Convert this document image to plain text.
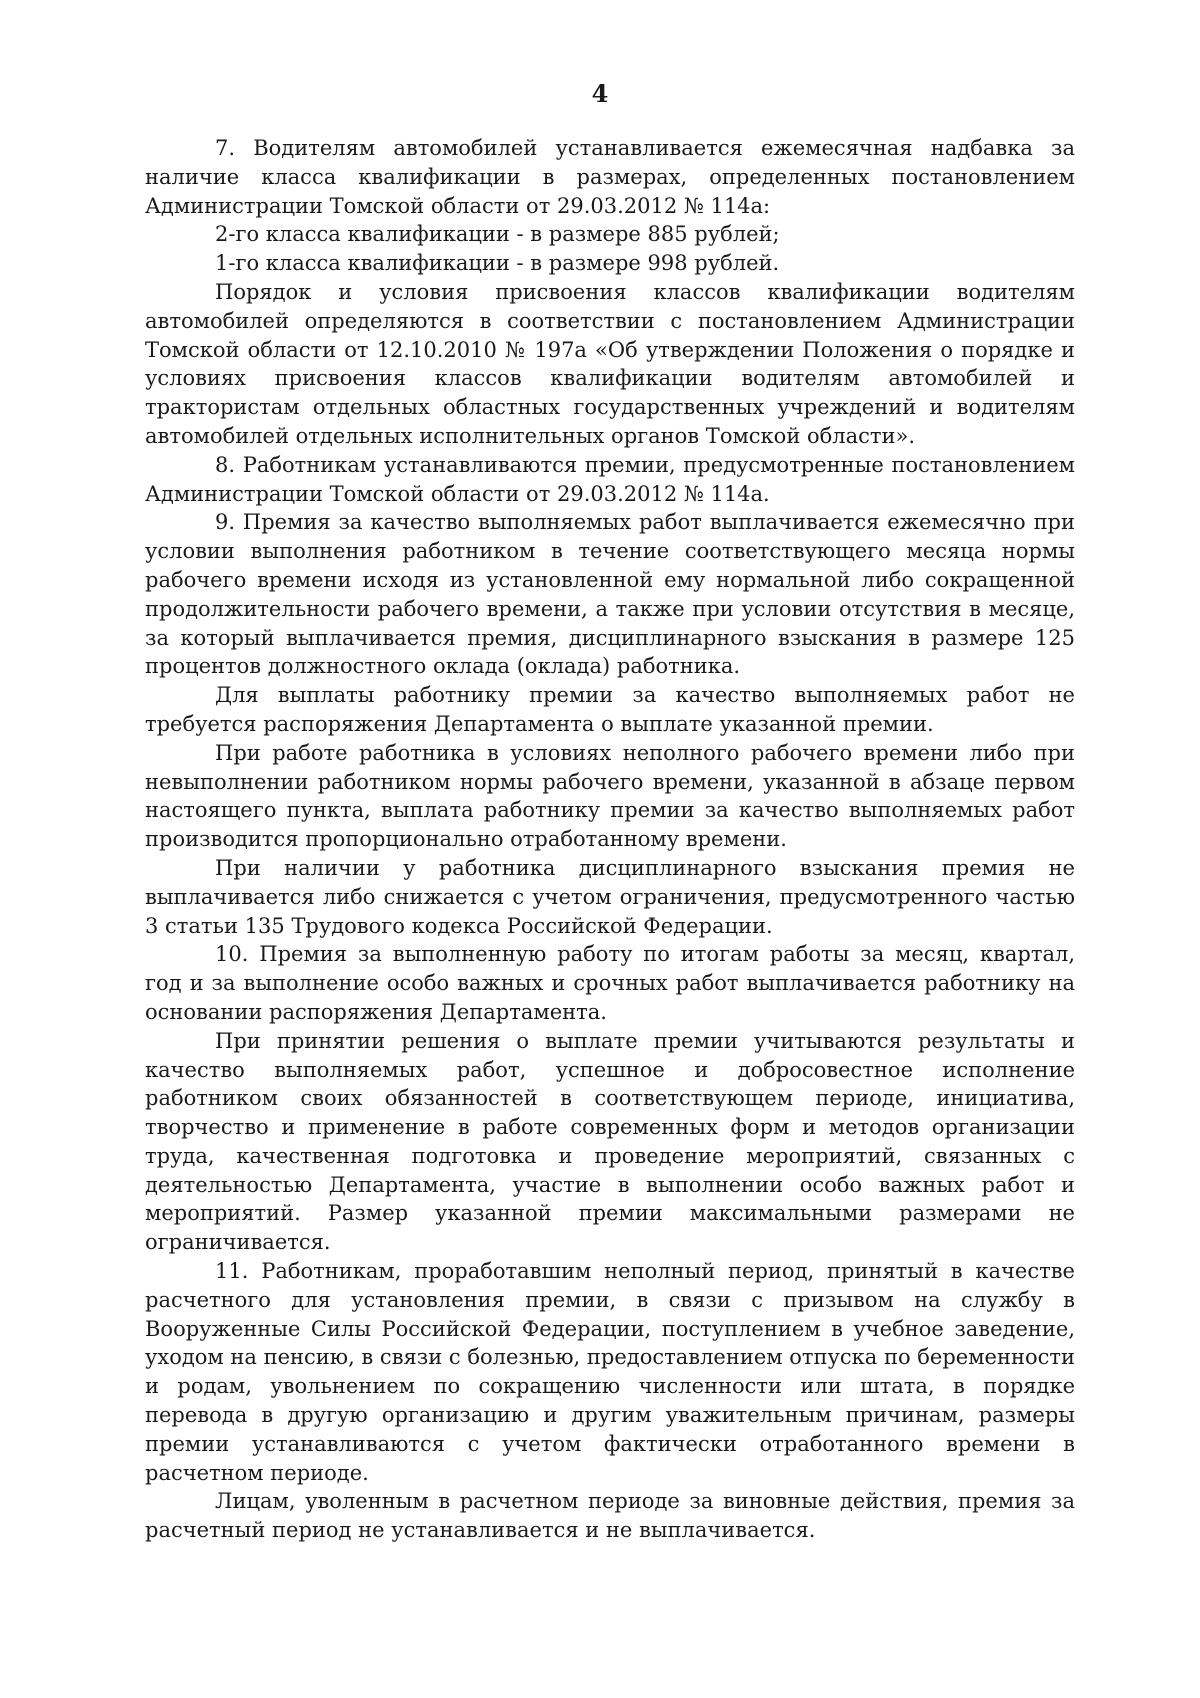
4

7. Водителям автомобилей устанавливается ежемесячная надбавка за наличие класса квалификации в размерах, определенных постановлением Администрации Томской области от 29.03.2012 № 114а:

2-го класса квалификации - в размере 885 рублей;

1-го класса квалификации - в размере 998 рублей.

Порядок и условия присвоения классов квалификации водителям автомобилей определяются в соответствии с постановлением Администрации Томской области от 12.10.2010 № 197а «Об утверждении Положения о порядке и условиях присвоения классов квалификации водителям автомобилей и трактористам отдельных областных государственных учреждений и водителям автомобилей отдельных исполнительных органов Томской области».

8. Работникам устанавливаются премии, предусмотренные постановлением Администрации Томской области от 29.03.2012 № 114а.

9. Премия за качество выполняемых работ выплачивается ежемесячно при условии выполнения работником в течение соответствующего месяца нормы рабочего времени исходя из установленной ему нормальной либо сокращенной продолжительности рабочего времени, а также при условии отсутствия в месяце, за который выплачивается премия, дисциплинарного взыскания в размере 125 процентов должностного оклада (оклада) работника.

Для выплаты работнику премии за качество выполняемых работ не требуется распоряжения Департамента о выплате указанной премии.

При работе работника в условиях неполного рабочего времени либо при невыполнении работником нормы рабочего времени, указанной в абзаце первом настоящего пункта, выплата работнику премии за качество выполняемых работ производится пропорционально отработанному времени.

При наличии у работника дисциплинарного взыскания премия не выплачивается либо снижается с учетом ограничения, предусмотренного частью 3 статьи 135 Трудового кодекса Российской Федерации.

10. Премия за выполненную работу по итогам работы за месяц, квартал, год и за выполнение особо важных и срочных работ выплачивается работнику на основании распоряжения Департамента.

При принятии решения о выплате премии учитываются результаты и качество выполняемых работ, успешное и добросовестное исполнение работником своих обязанностей в соответствующем периоде, инициатива, творчество и применение в работе современных форм и методов организации труда, качественная подготовка и проведение мероприятий, связанных с деятельностью Департамента, участие в выполнении особо важных работ и мероприятий. Размер указанной премии максимальными размерами не ограничивается.

11. Работникам, проработавшим неполный период, принятый в качестве расчетного для установления премии, в связи с призывом на службу в Вооруженные Силы Российской Федерации, поступлением в учебное заведение, уходом на пенсию, в связи с болезнью, предоставлением отпуска по беременности и родам, увольнением по сокращению численности или штата, в порядке перевода в другую организацию и другим уважительным причинам, размеры премии устанавливаются с учетом фактически отработанного времени в расчетном периоде.

Лицам, уволенным в расчетном периоде за виновные действия, премия за расчетный период не устанавливается и не выплачивается.
